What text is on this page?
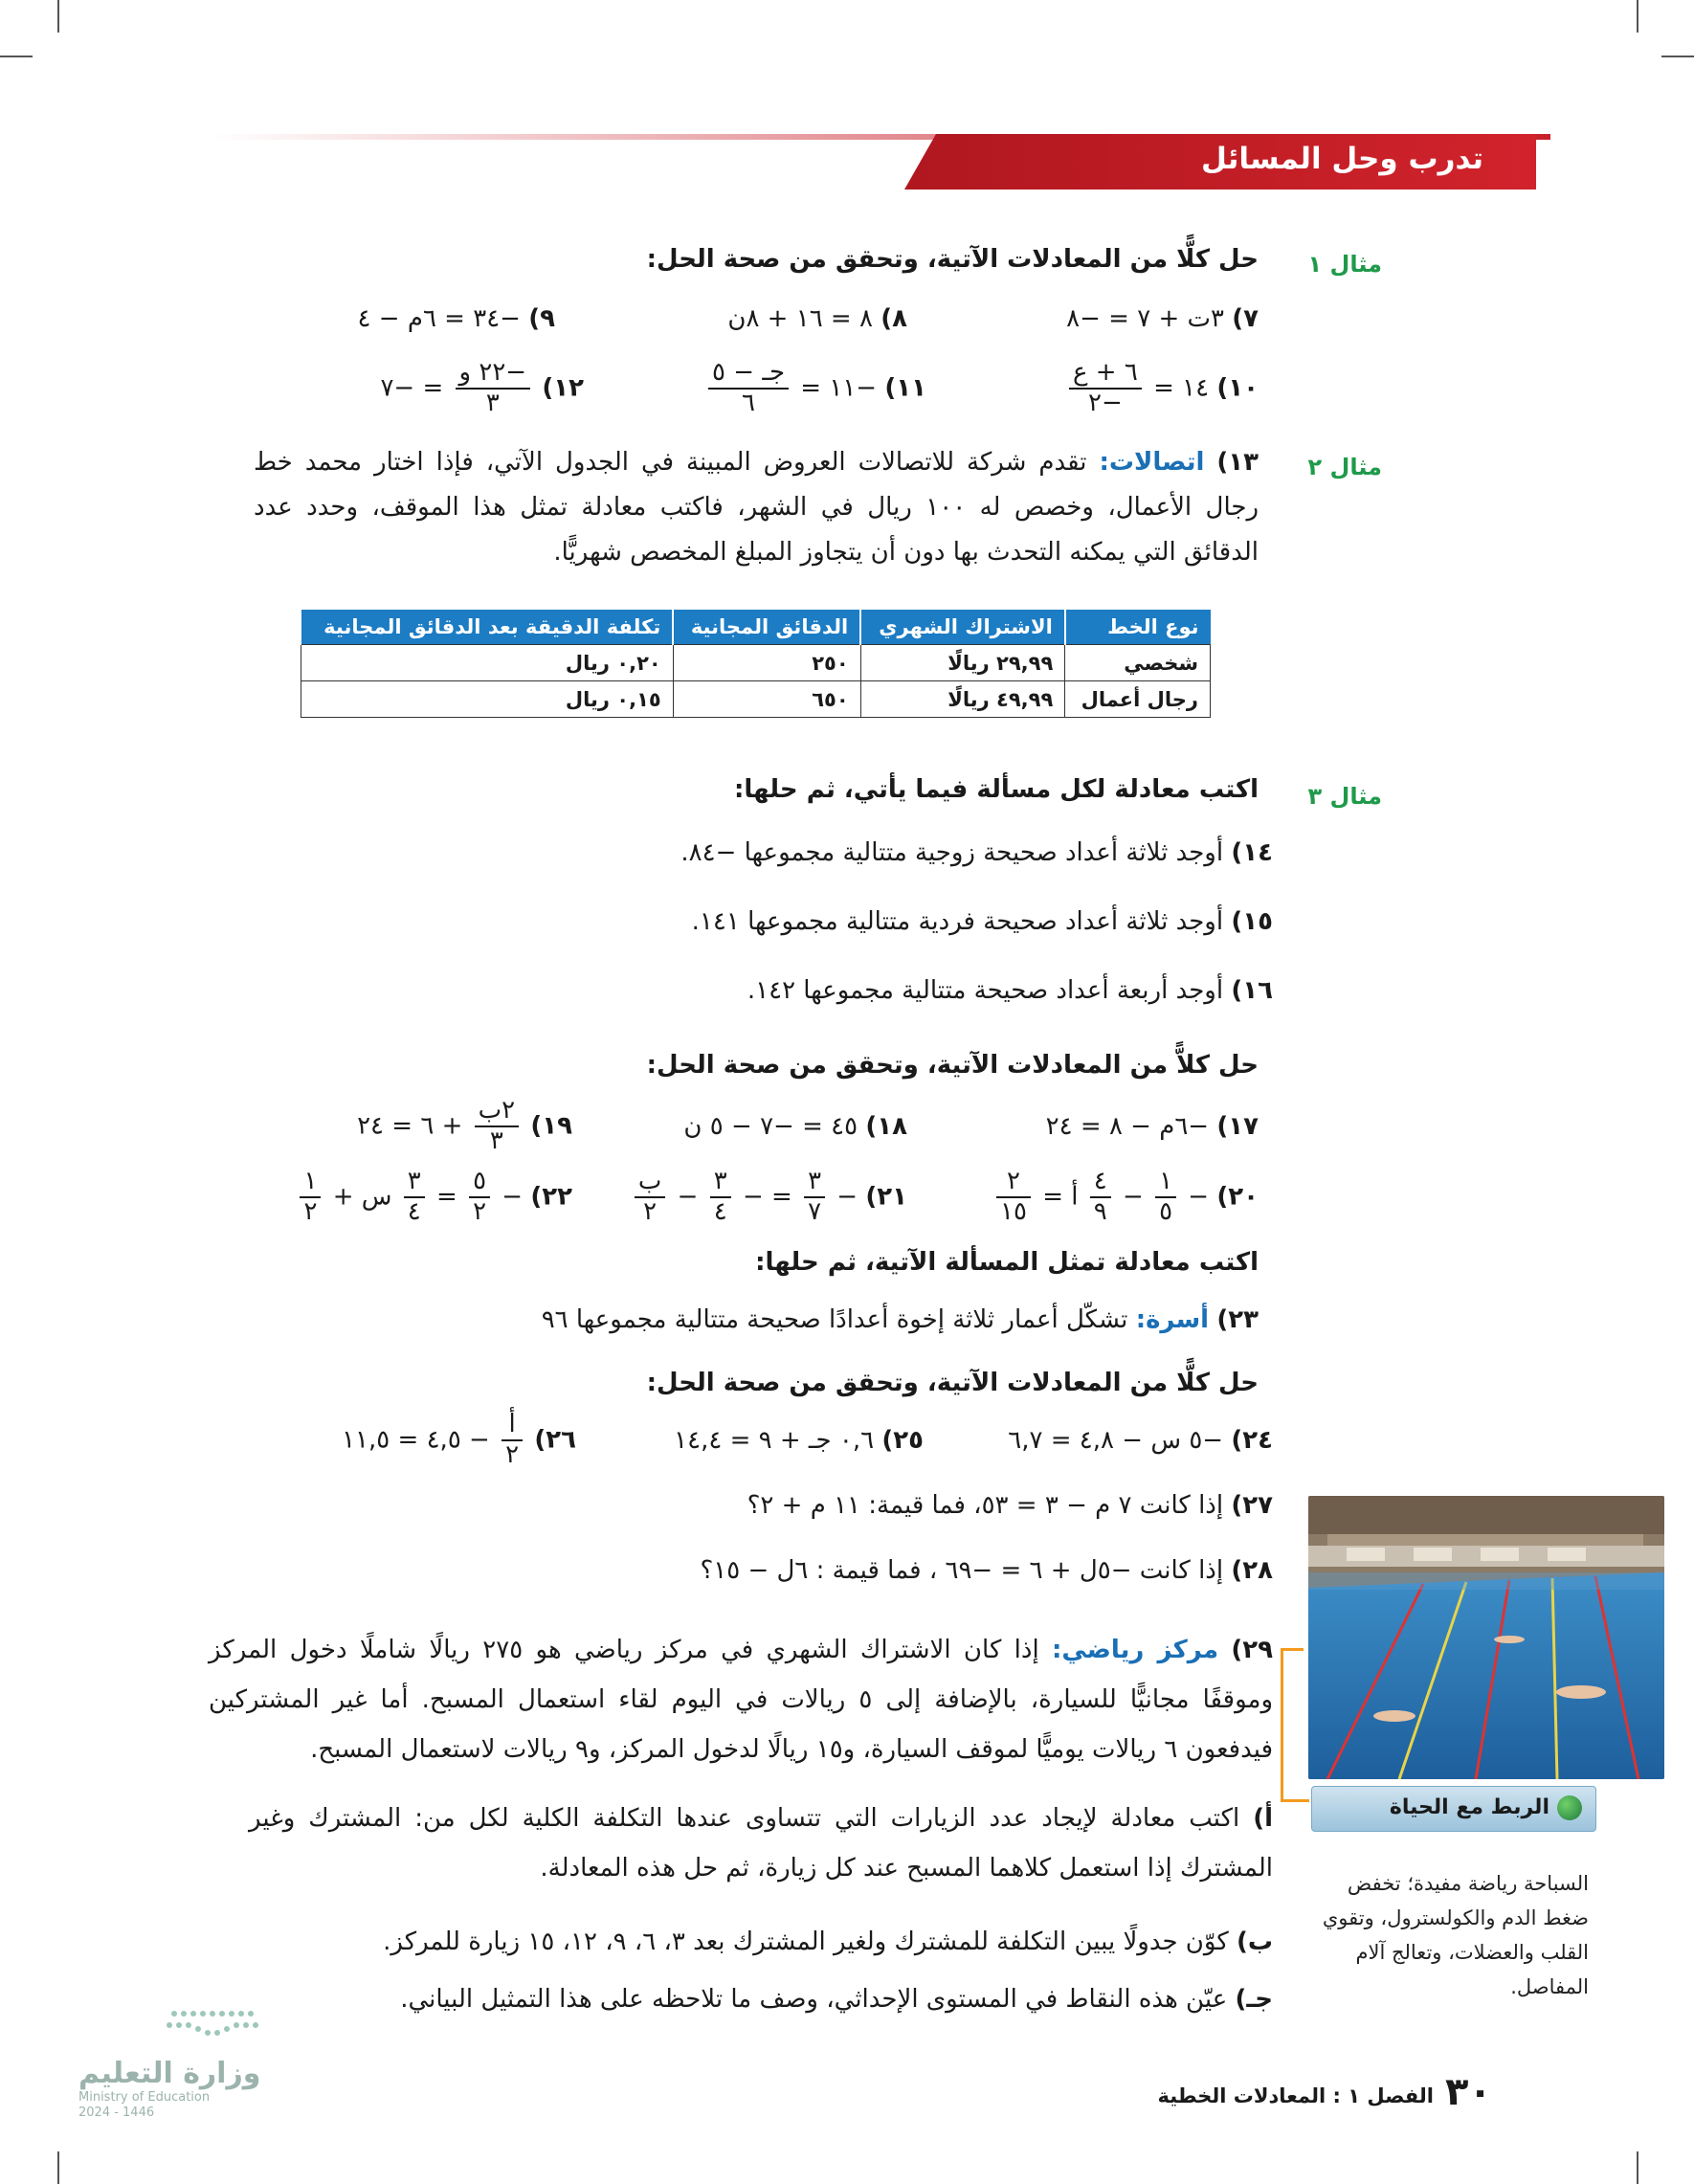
تدرب وحل المسائل
مثال ١
حل كلًّا من المعادلات الآتية، وتحقق من صحة الحل:
٧) ٣ت + ٧ = −٨
٨) ٨ = ١٦ + ٨ن
٩) −٣٤ = ٦م − ٤
١٠) ١٤ =
$\frac{\text{٦ + ع}}{-٢}$
١١) −١١ =
$\frac{\text{جـ − ٥}}{٦}$
١٢)
$\frac{\text{−٢٢ و}}{٣}$
= −٧
مثال ٢
١٣) اتصالات: تقدم شركة للاتصالات العروض المبينة في الجدول الآتي، فإذا اختار محمد خط رجال الأعمال، وخصص له ١٠٠ ريال في الشهر، فاكتب معادلة تمثل هذا الموقف، وحدد عدد الدقائق التي يمكنه التحدث بها دون أن يتجاوز المبلغ المخصص شهريًّا.
نوع الخط	الاشتراك الشهري	الدقائق المجانية	تكلفة الدقيقة بعد الدقائق المجانية
شخصي	٢٩,٩٩ ريالًا	٢٥٠	٠,٢٠ ريال
رجال أعمال	٤٩,٩٩ ريالًا	٦٥٠	٠,١٥ ريال
مثال ٣
اكتب معادلة لكل مسألة فيما يأتي، ثم حلها:
١٤) أوجد ثلاثة أعداد صحيحة زوجية متتالية مجموعها −٨٤.
١٥) أوجد ثلاثة أعداد صحيحة فردية متتالية مجموعها ١٤١.
١٦) أوجد أربعة أعداد صحيحة متتالية مجموعها ١٤٢.
حل كلاًّ من المعادلات الآتية، وتحقق من صحة الحل:
١٧) −٦م − ٨ = ٢٤
١٨) ٤٥ = −٧ − ٥ ن
١٩)
$\frac{\text{٢ب}}{٣}$
+ ٦ = ٢٤
٢٠) −
$\frac{١}{٥}$
−
$\frac{٤}{٩}$
أ =
$\frac{٢}{١٥}$
٢١) −
$\frac{٣}{٧}$
= −
$\frac{٣}{٤}$
−
$\frac{\text{ب}}{٢}$
٢٢) −
$\frac{٥}{٢}$
=
$\frac{٣}{٤}$
س +
$\frac{١}{٢}$
اكتب معادلة تمثل المسألة الآتية، ثم حلها:
٢٣) أسرة: تشكّل أعمار ثلاثة إخوة أعدادًا صحيحة متتالية مجموعها ٩٦
حل كلًّا من المعادلات الآتية، وتحقق من صحة الحل:
٢٤) −٥ س − ٤,٨ = ٦,٧
٢٥) ٠,٦ جـ + ٩ = ١٤,٤
٢٦)
$\frac{\text{أ}}{٢}$
− ٤,٥ = ١١,٥
٢٧) إذا كانت ٧ م − ٣ = ٥٣، فما قيمة: ١١ م + ٢؟
٢٨) إذا كانت −٥ل + ٦ = −٦٩ ، فما قيمة : ٦ل − ١٥؟
٢٩) مركز رياضي: إذا كان الاشتراك الشهري في مركز رياضي هو ٢٧٥ ريالًا شاملًا دخول المركز وموقفًا مجانيًّا للسيارة، بالإضافة إلى ٥ ريالات في اليوم لقاء استعمال المسبح. أما غير المشتركين فيدفعون ٦ ريالات يوميًّا لموقف السيارة، و١٥ ريالًا لدخول المركز، و٩ ريالات لاستعمال المسبح.
أ) اكتب معادلة لإيجاد عدد الزيارات التي تتساوى عندها التكلفة الكلية لكل من: المشترك وغير المشترك إذا استعمل كلاهما المسبح عند كل زيارة، ثم حل هذه المعادلة.
ب) كوّن جدولًا يبين التكلفة للمشترك ولغير المشترك بعد ٣، ٦، ٩، ١٢، ١٥ زيارة للمركز.
جـ) عيّن هذه النقاط في المستوى الإحداثي، وصف ما تلاحظه على هذا التمثيل البياني.
الربط مع الحياة
السباحة رياضة مفيدة؛ تخفض ضغط الدم والكولسترول، وتقوي القلب والعضلات، وتعالج آلام المفاصل.
٣٠
الفصل ١ : المعادلات الخطية
وزارة التعليم
Ministry of Education
2024 - 1446
